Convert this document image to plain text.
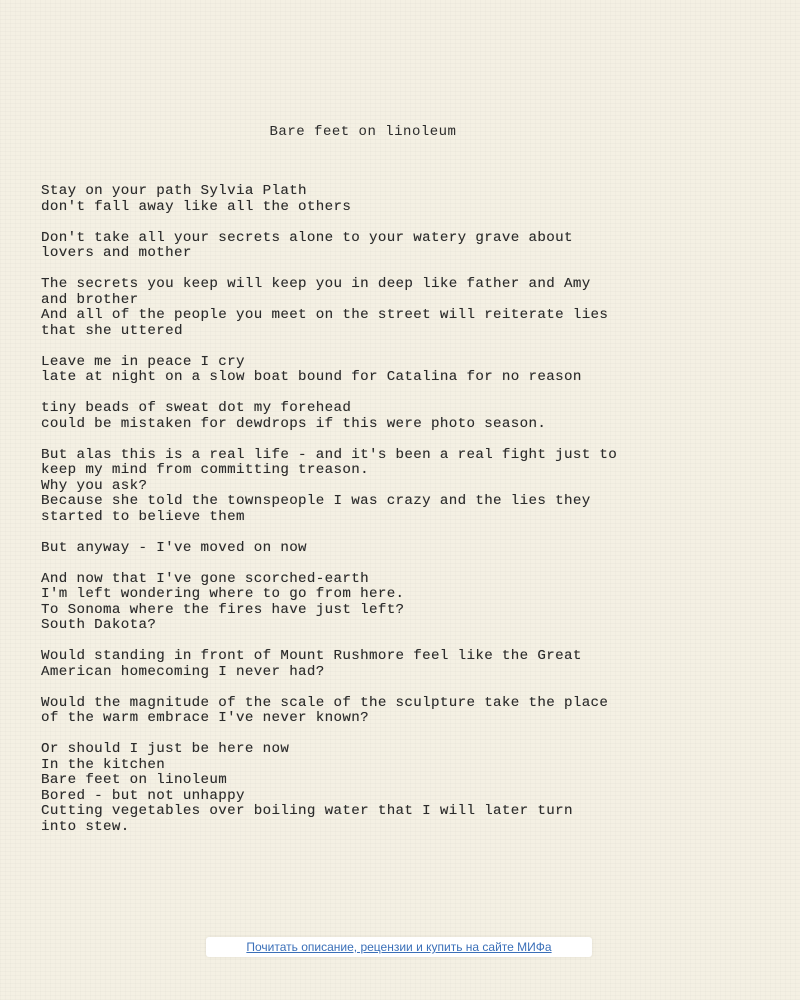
Bare feet on linoleum
Stay on your path Sylvia Plath
don't fall away like all the others
Don't take all your secrets alone to your watery grave about
lovers and mother
The secrets you keep will keep you in deep like father and Amy
and brother
And all of the people you meet on the street will reiterate lies
that she uttered
Leave me in peace I cry
late at night on a slow boat bound for Catalina for no reason
tiny beads of sweat dot my forehead
could be mistaken for dewdrops if this were photo season.
But alas this is a real life - and it's been a real fight just to
keep my mind from committing treason.
Why you ask?
Because she told the townspeople I was crazy and the lies they
started to believe them
But anyway - I've moved on now
And now that I've gone scorched-earth
I'm left wondering where to go from here.
To Sonoma where the fires have just left?
South Dakota?
Would standing in front of Mount Rushmore feel like the Great
American homecoming I never had?
Would the magnitude of the scale of the sculpture take the place
of the warm embrace I've never known?
Or should I just be here now
In the kitchen
Bare feet on linoleum
Bored - but not unhappy
Cutting vegetables over boiling water that I will later turn
into stew.
Почитать описание, рецензии и купить на сайте МИФа
